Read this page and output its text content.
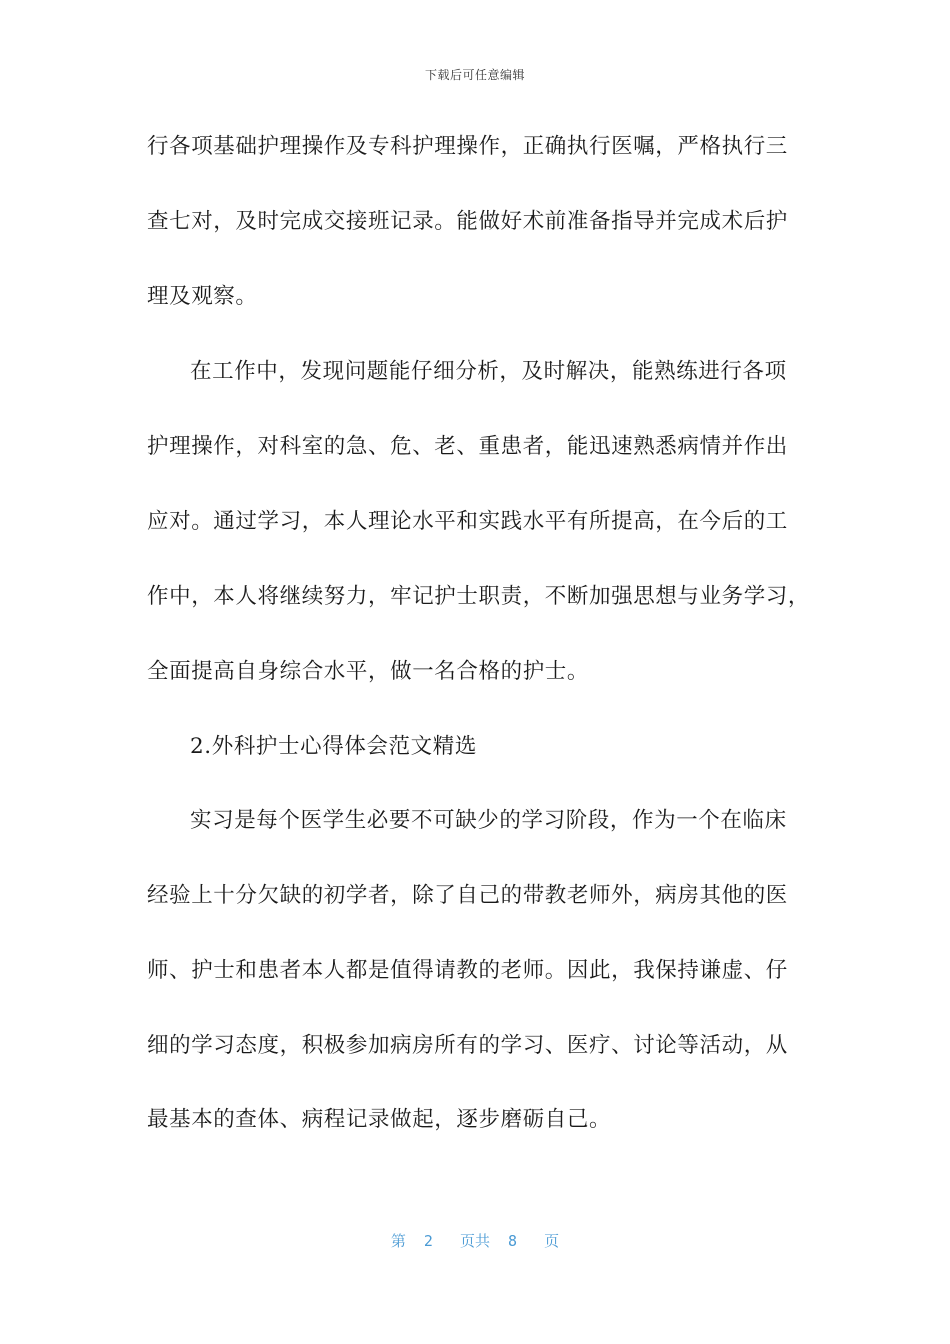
下载后可任意编辑
行各项基础护理操作及专科护理操作，正确执行医嘱，严格执行三
查七对，及时完成交接班记录。能做好术前准备指导并完成术后护
理及观察。
在工作中，发现问题能仔细分析，及时解决，能熟练进行各项
护理操作，对科室的急、危、老、重患者，能迅速熟悉病情并作出
应对。通过学习，本人理论水平和实践水平有所提高，在今后的工
作中，本人将继续努力，牢记护士职责，不断加强思想与业务学习，
全面提高自身综合水平，做一名合格的护士。
2.外科护士心得体会范文精选
实习是每个医学生必要不可缺少的学习阶段，作为一个在临床
经验上十分欠缺的初学者，除了自己的带教老师外，病房其他的医
师、护士和患者本人都是值得请教的老师。因此，我保持谦虚、仔
细的学习态度，积极参加病房所有的学习、医疗、讨论等活动，从
最基本的查体、病程记录做起，逐步磨砺自己。
第  2   页共  8   页
